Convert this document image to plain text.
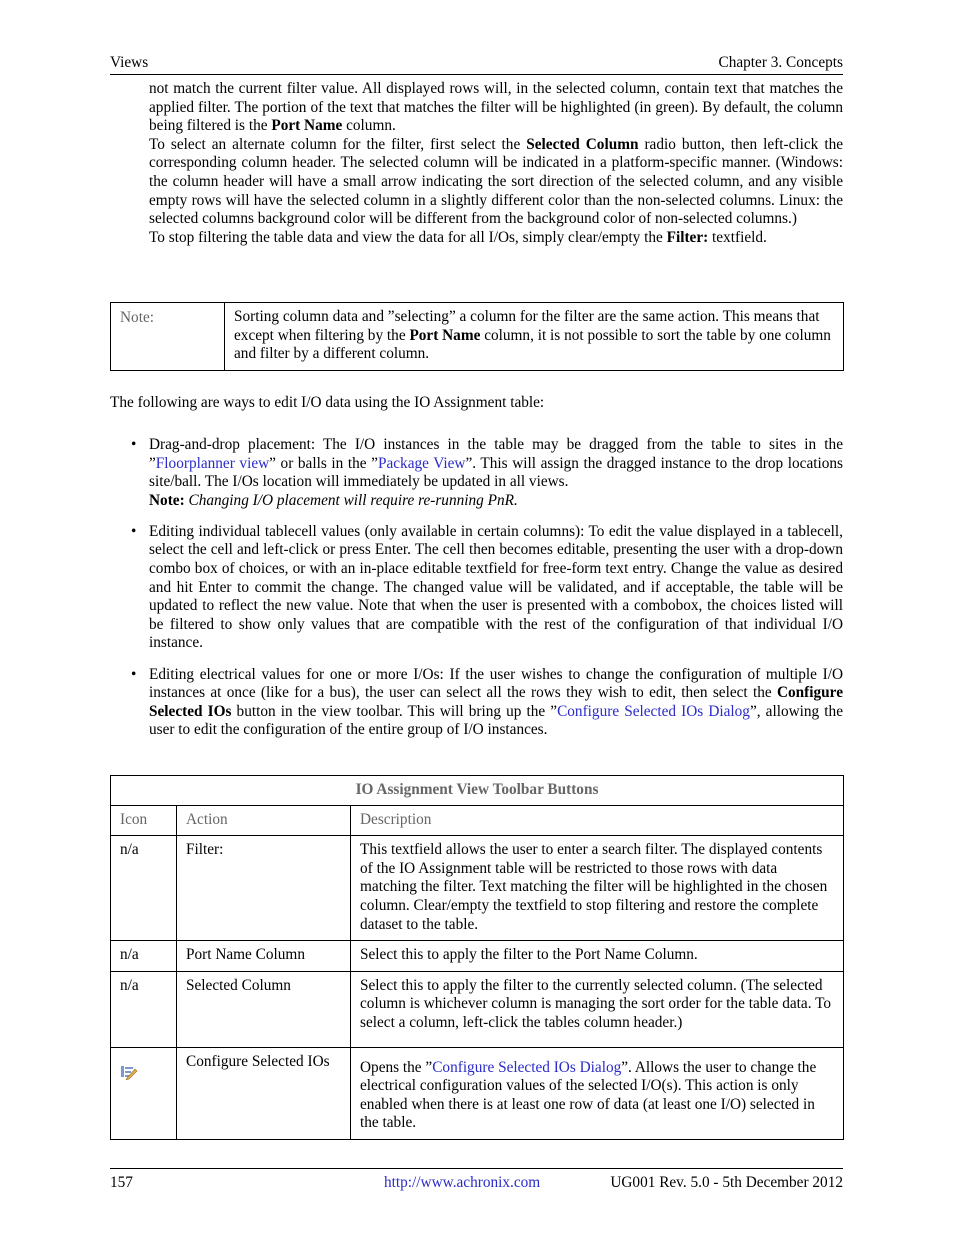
Views	Chapter 3. Concepts
not match the current filter value. All displayed rows will, in the selected column, contain text that matches the applied filter. The portion of the text that matches the filter will be highlighted (in green). By default, the column being filtered is the Port Name column.
To select an alternate column for the filter, first select the Selected Column radio button, then left-click the corresponding column header. The selected column will be indicated in a platform-specific manner. (Windows: the column header will have a small arrow indicating the sort direction of the selected column, and any visible empty rows will have the selected column in a slightly different color than the non-selected columns. Linux: the selected columns background color will be different from the background color of non-selected columns.)
To stop filtering the table data and view the data for all I/Os, simply clear/empty the Filter: textfield.
Note:	Sorting column data and ”selecting” a column for the filter are the same action. This means that except when filtering by the Port Name column, it is not possible to sort the table by one column and filter by a different column.
The following are ways to edit I/O data using the IO Assignment table:
• Drag-and-drop placement: The I/O instances in the table may be dragged from the table to sites in the ”Floorplanner view” or balls in the ”Package View”. This will assign the dragged instance to the drop locations site/ball. The I/Os location will immediately be updated in all views.
Note: Changing I/O placement will require re-running PnR.
• Editing individual tablecell values (only available in certain columns): To edit the value displayed in a tablecell, select the cell and left-click or press Enter. The cell then becomes editable, presenting the user with a drop-down combo box of choices, or with an in-place editable textfield for free-form text entry. Change the value as desired and hit Enter to commit the change. The changed value will be validated, and if acceptable, the table will be updated to reflect the new value. Note that when the user is presented with a combobox, the choices listed will be filtered to show only values that are compatible with the rest of the configuration of that individual I/O instance.
• Editing electrical values for one or more I/Os: If the user wishes to change the configuration of multiple I/O instances at once (like for a bus), the user can select all the rows they wish to edit, then select the Configure Selected IOs button in the view toolbar. This will bring up the ”Configure Selected IOs Dialog”, allowing the user to edit the configuration of the entire group of I/O instances.
IO Assignment View Toolbar Buttons		
Icon	Action	Description
n/a	Filter:	This textfield allows the user to enter a search filter. The displayed contents of the IO Assignment table will be restricted to those rows with data matching the filter. Text matching the filter will be highlighted in the chosen column. Clear/empty the textfield to stop filtering and restore the complete dataset to the table.
n/a	Port Name Column	Select this to apply the filter to the Port Name Column.
n/a	Selected Column	Select this to apply the filter to the currently selected column. (The selected column is whichever column is managing the sort order for the table data. To select a column, left-click the tables column header.)
	Configure Selected IOs	Opens the ”Configure Selected IOs Dialog”. Allows the user to change the electrical configuration values of the selected I/O(s). This action is only enabled when there is at least one row of data (at least one I/O) selected in the table.
157	http://www.achronix.com	UG001 Rev. 5.0 - 5th December 2012
